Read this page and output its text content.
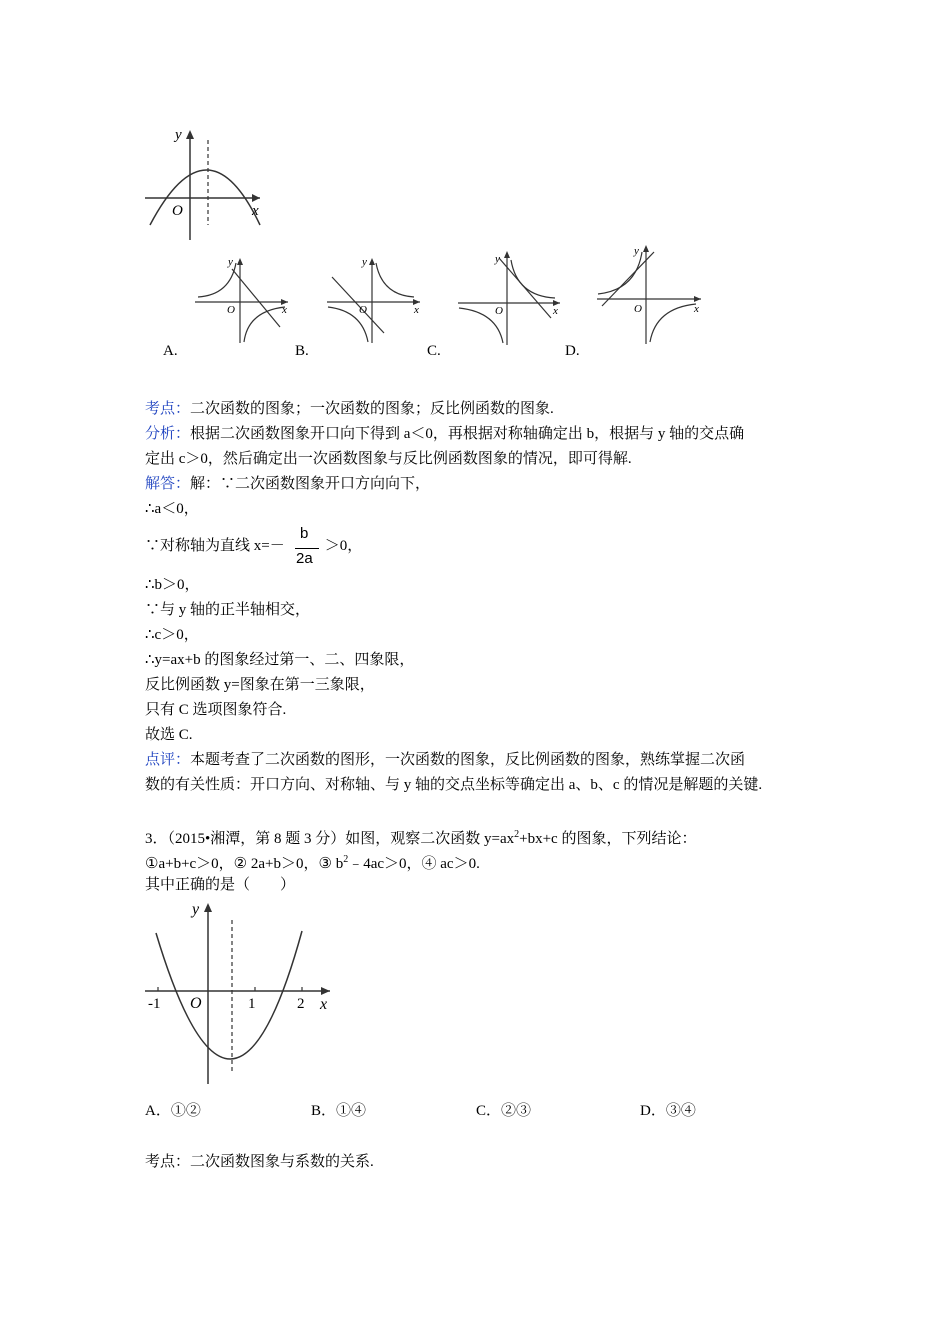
y
x
O
y
x
O
y
x
O
y
x
O
y
x
O
A.	B.	C.	D.
考点：二次函数的图象；一次函数的图象；反比例函数的图象.
分析：根据二次函数图象开口向下得到 a＜0，再根据对称轴确定出 b，根据与 y 轴的交点确
定出 c＞0，然后确定出一次函数图象与反比例函数图象的情况，即可得解.
解答：解：∵二次函数图象开口方向向下，
∴a＜0，
∵对称轴为直线 x=－	＞0，
b
2a
∴b＞0，
∵与 y 轴的正半轴相交，
∴c＞0，
∴y=ax+b 的图象经过第一、二、四象限，
反比例函数 y=图象在第一三象限，
只有 C 选项图象符合.
故选 C.
点评：本题考查了二次函数的图形，一次函数的图象，反比例函数的图象，熟练掌握二次函
数的有关性质：开口方向、对称轴、与 y 轴的交点坐标等确定出 a、b、c 的情况是解题的关键.
3．（2015•湘潭，第 8 题 3 分）如图，观察二次函数 $y=ax^2+bx+c$ 的图象，下列结论：
①a+b+c＞0，② 2a+b＞0，③ $b^2﹣4ac>0$，④ ac＞0.
其中正确的是（　　）
y
x
O
-1	1	2
A．①②	B．①④	C．②③	D．③④
考点：二次函数图象与系数的关系.
